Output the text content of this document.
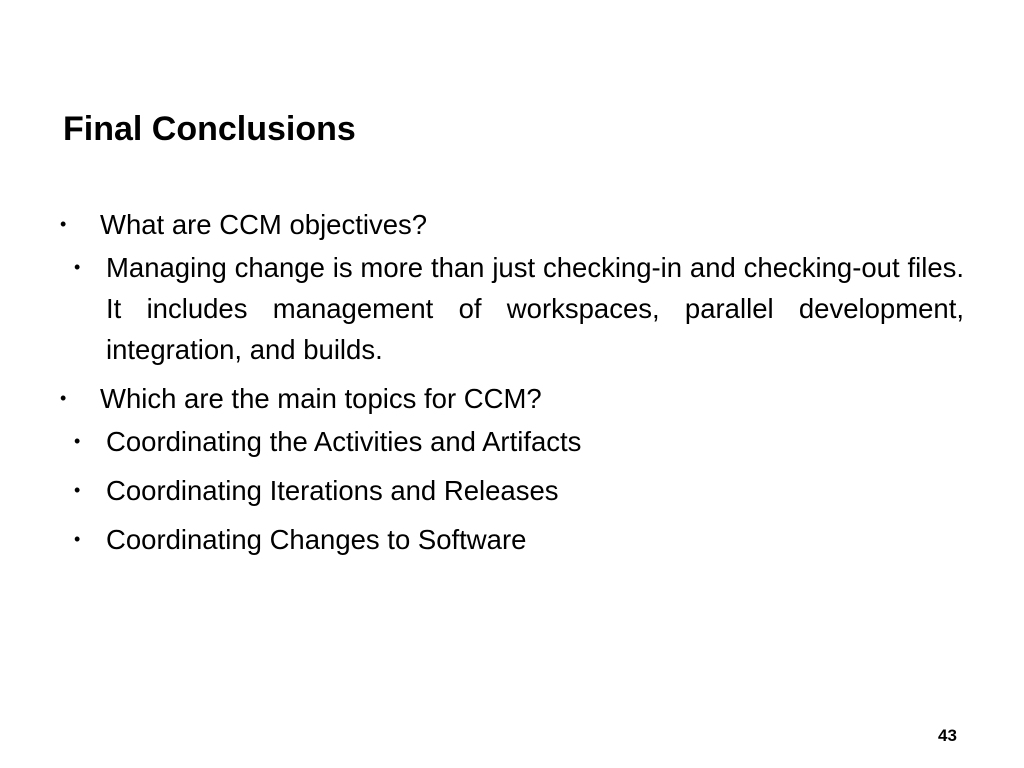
Final Conclusions
• What are CCM objectives?
• Managing change is more than just checking-in and checking-out files. It includes management of workspaces, parallel development, integration, and builds.
• Which are the main topics for CCM?
• Coordinating the Activities and Artifacts
• Coordinating Iterations and Releases
• Coordinating Changes to Software
43
